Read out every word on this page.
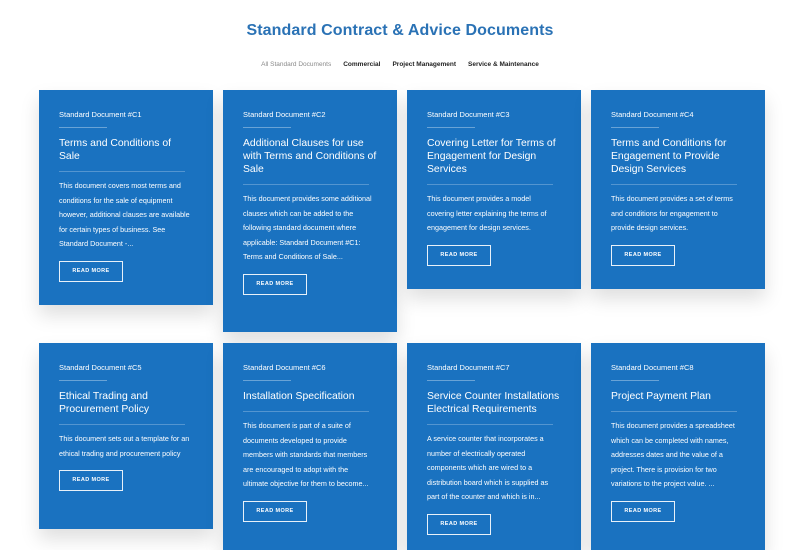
Standard Contract & Advice Documents
All Standard Documents Commercial Project Management Service & Maintenance
Standard Document #C1
Terms and Conditions of Sale
This document covers most terms and conditions for the sale of equipment however, additional clauses are available for certain types of business. See Standard Document -...
READ MORE
Standard Document #C2
Additional Clauses for use with Terms and Conditions of Sale
This document provides some additional clauses which can be added to the following standard document where applicable: Standard Document #C1: Terms and Conditions of Sale...
READ MORE
Standard Document #C3
Covering Letter for Terms of Engagement for Design Services
This document provides a model covering letter explaining the terms of engagement for design services.
READ MORE
Standard Document #C4
Terms and Conditions for Engagement to Provide Design Services
This document provides a set of terms and conditions for engagement to provide design services.
READ MORE
Standard Document #C5
Ethical Trading and Procurement Policy
This document sets out a template for an ethical trading and procurement policy
READ MORE
Standard Document #C6
Installation Specification
This document is part of a suite of documents developed to provide members with standards that members are encouraged to adopt with the ultimate objective for them to become...
READ MORE
Standard Document #C7
Service Counter Installations Electrical Requirements
A service counter that incorporates a number of electrically operated components which are wired to a distribution board which is supplied as part of the counter and which is in...
READ MORE
Standard Document #C8
Project Payment Plan
This document provides a spreadsheet which can be completed with names, addresses dates and the value of a project. There is provision for two variations to the project value. ...
READ MORE
